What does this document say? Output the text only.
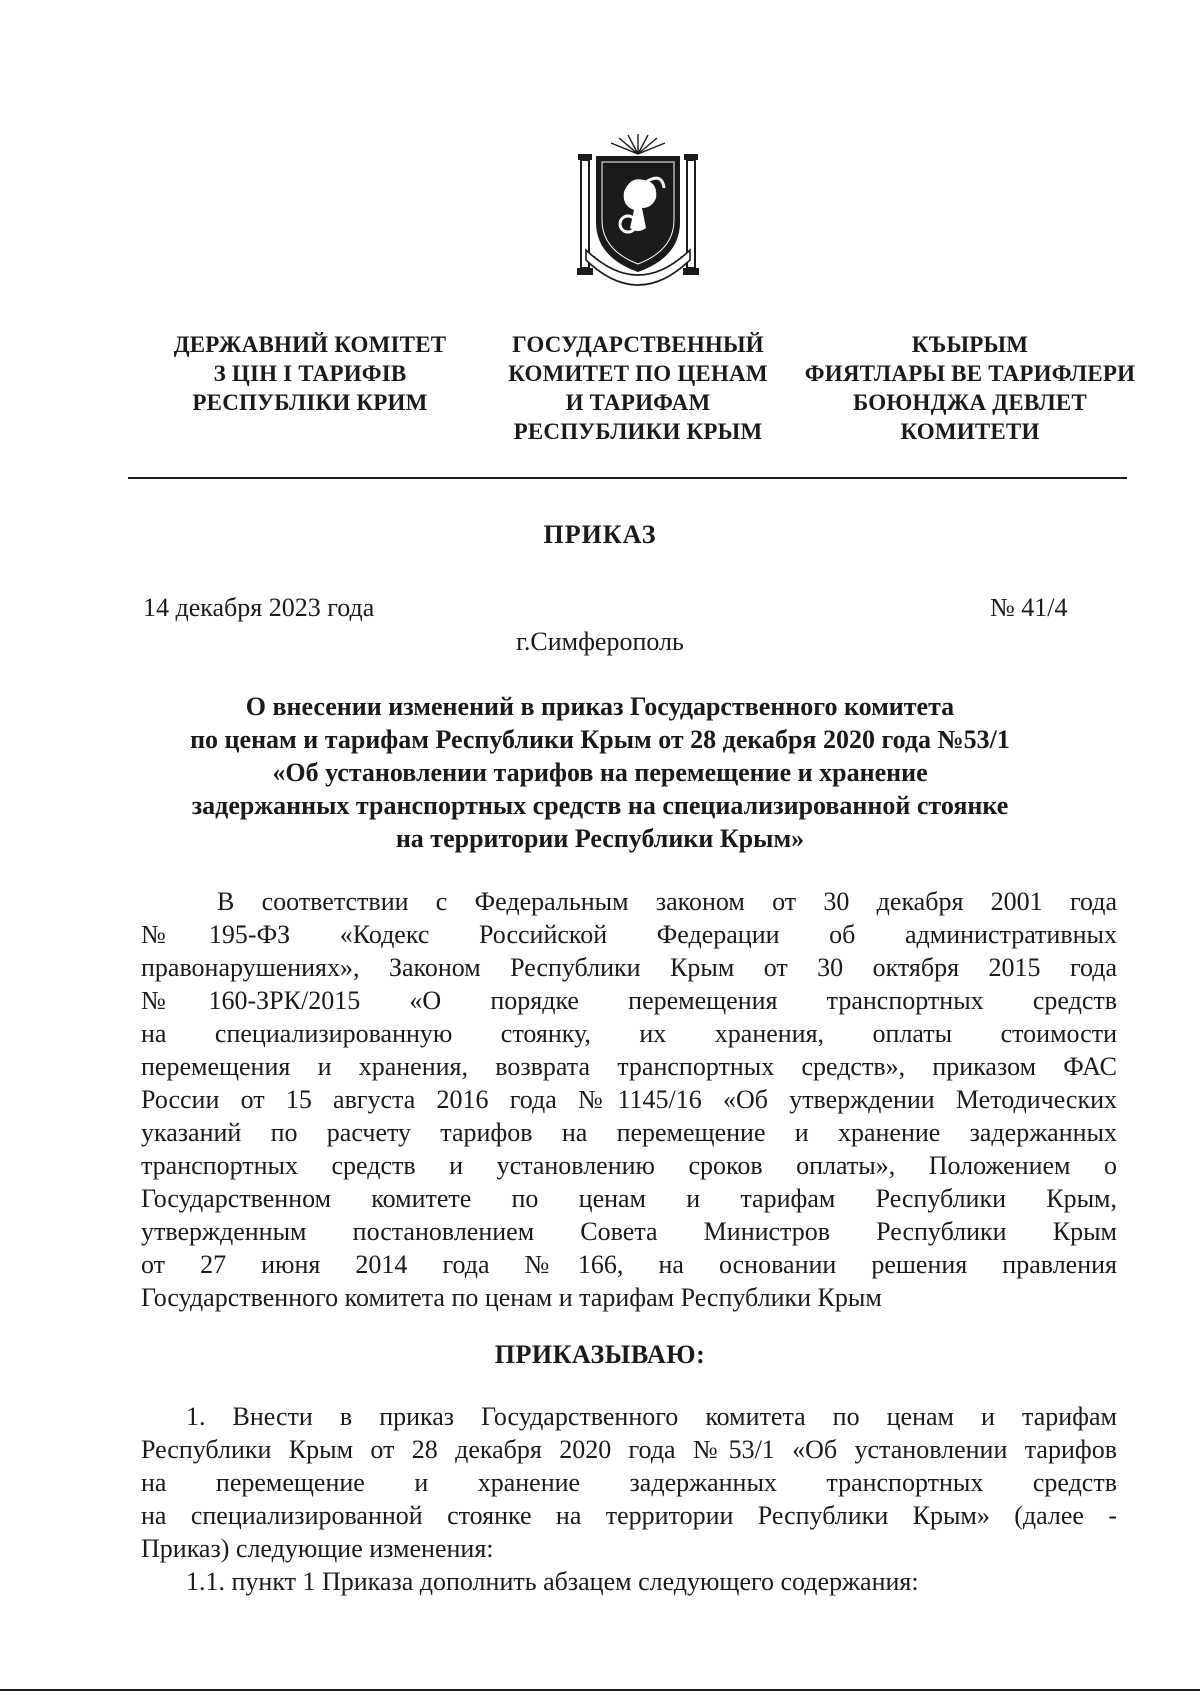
ДЕРЖАВНИЙ КОМІТЕТ
З ЦІН І ТАРИФІВ
РЕСПУБЛІКИ КРИМ
ГОСУДАРСТВЕННЫЙ
КОМИТЕТ ПО ЦЕНАМ
И ТАРИФАМ
РЕСПУБЛИКИ КРЫМ
КЪЫРЫМ
ФИЯТЛАРЫ ВЕ ТАРИФЛЕРИ
БОЮНДЖА ДЕВЛЕТ
КОМИТЕТИ
ПРИКАЗ
14 декабря 2023 года	№ 41/4
г.Симферополь
О внесении изменений в приказ Государственного комитета
по ценам и тарифам Республики Крым от 28 декабря 2020 года №53/1
«Об установлении тарифов на перемещение и хранение
задержанных транспортных средств на специализированной стоянке
на территории Республики Крым»
В соответствии с Федеральным законом от 30 декабря 2001 года
№195-ФЗ «Кодекс Российской Федерации об административных
правонарушениях», Законом Республики Крым от 30 октября 2015 года
№160-ЗРК/2015 «О порядке перемещения транспортных средств
на специализированную стоянку, их хранения, оплаты стоимости
перемещения и хранения, возврата транспортных средств», приказом ФАС
России от 15 августа 2016 года №1145/16 «Об утверждении Методических
указаний по расчету тарифов на перемещение и хранение задержанных
транспортных средств и установлению сроков оплаты», Положением о
Государственном комитете по ценам и тарифам Республики Крым,
утвержденным постановлением Совета Министров Республики Крым
от 27 июня 2014 года №166, на основании решения правления
Государственного комитета по ценам и тарифам Республики Крым
ПРИКАЗЫВАЮ:
1. Внести в приказ Государственного комитета по ценам и тарифам
Республики Крым от 28 декабря 2020 года №53/1 «Об установлении тарифов
на перемещение и хранение задержанных транспортных средств
на специализированной стоянке на территории Республики Крым» (далее -
Приказ) следующие изменения:
1.1. пункт 1 Приказа дополнить абзацем следующего содержания:
